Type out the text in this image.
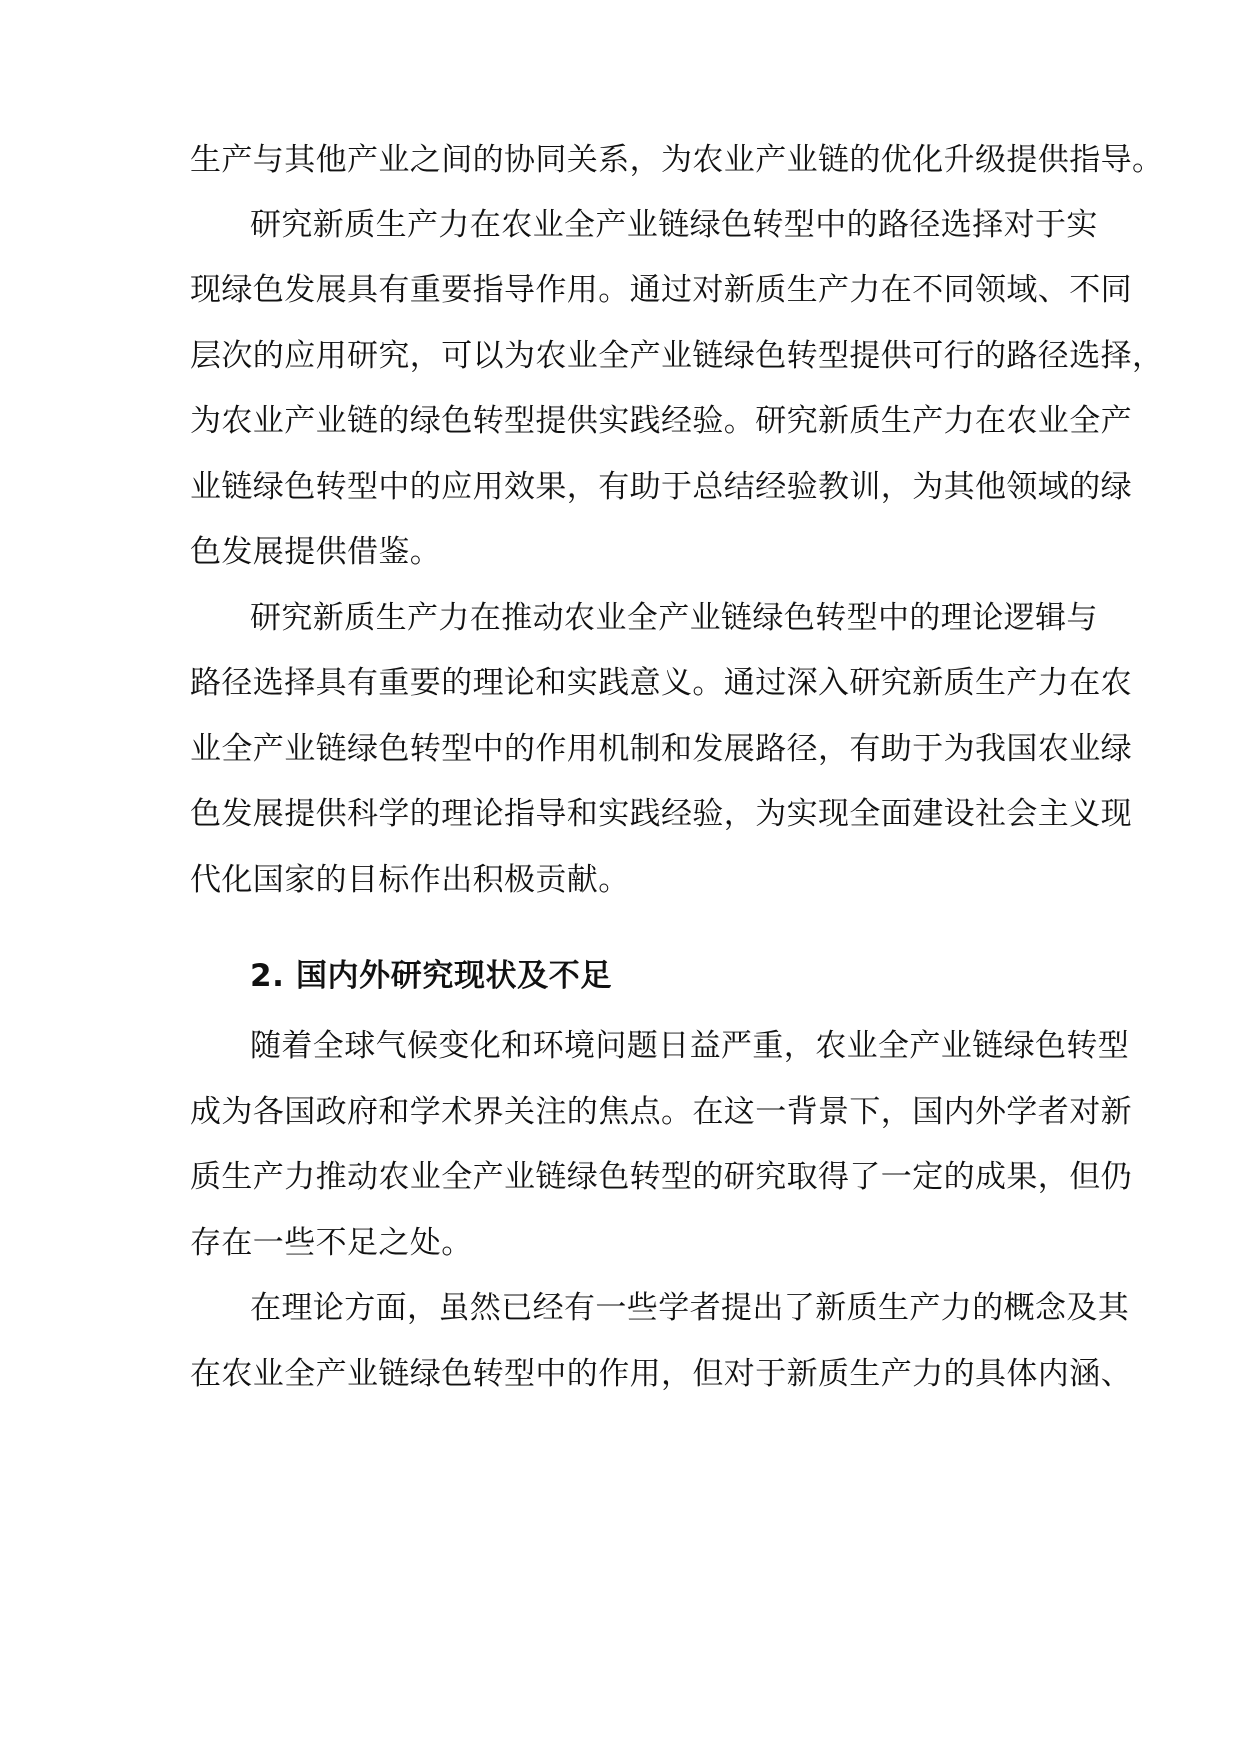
生产与其他产业之间的协同关系，为农业产业链的优化升级提供指导。
研究新质生产力在农业全产业链绿色转型中的路径选择对于实
现绿色发展具有重要指导作用。通过对新质生产力在不同领域、不同
层次的应用研究，可以为农业全产业链绿色转型提供可行的路径选择，
为农业产业链的绿色转型提供实践经验。研究新质生产力在农业全产
业链绿色转型中的应用效果，有助于总结经验教训，为其他领域的绿
色发展提供借鉴。
研究新质生产力在推动农业全产业链绿色转型中的理论逻辑与
路径选择具有重要的理论和实践意义。通过深入研究新质生产力在农
业全产业链绿色转型中的作用机制和发展路径，有助于为我国农业绿
色发展提供科学的理论指导和实践经验，为实现全面建设社会主义现
代化国家的目标作出积极贡献。
2. 国内外研究现状及不足
随着全球气候变化和环境问题日益严重，农业全产业链绿色转型
成为各国政府和学术界关注的焦点。在这一背景下，国内外学者对新
质生产力推动农业全产业链绿色转型的研究取得了一定的成果，但仍
存在一些不足之处。
在理论方面，虽然已经有一些学者提出了新质生产力的概念及其
在农业全产业链绿色转型中的作用，但对于新质生产力的具体内涵、
